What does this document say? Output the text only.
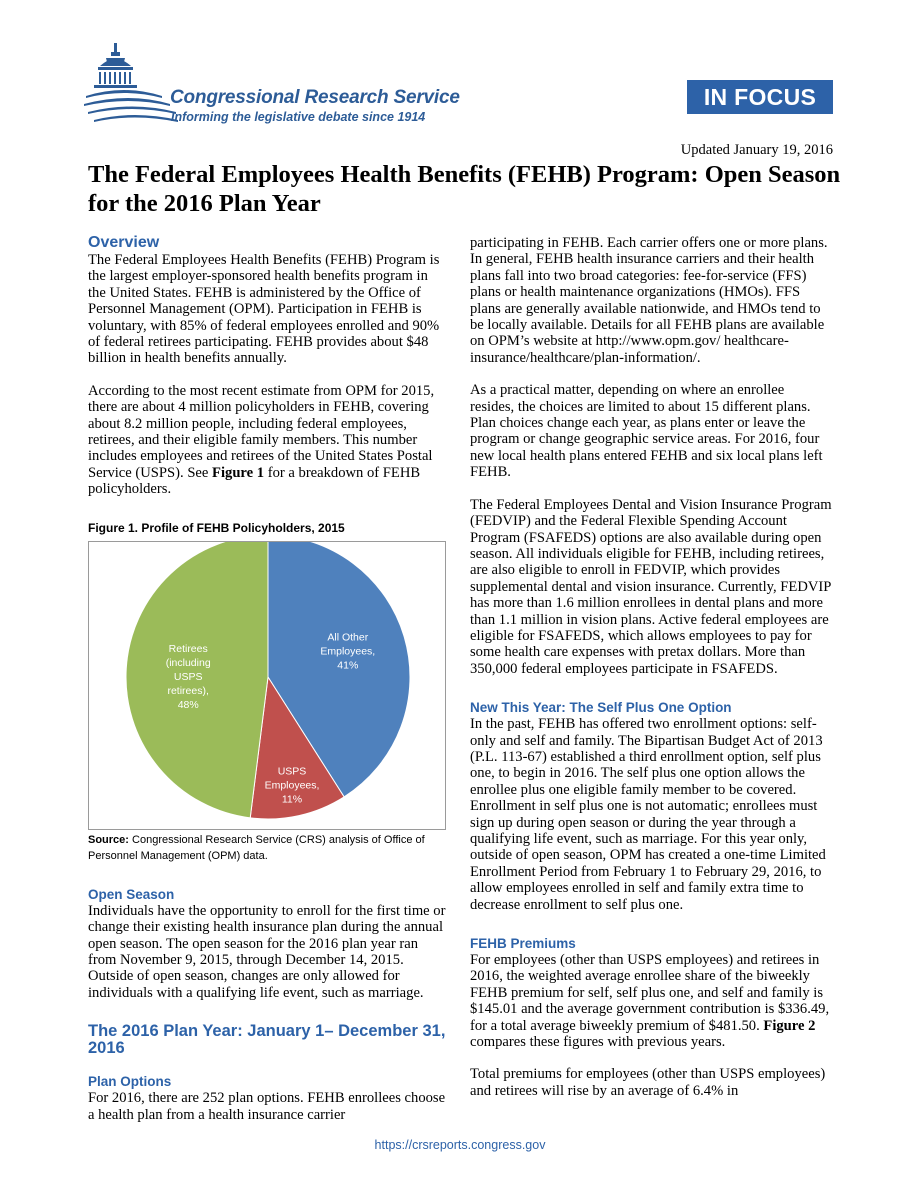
Congressional Research Service
Informing the legislative debate since 1914
IN FOCUS
Updated January 19, 2016
The Federal Employees Health Benefits (FEHB) Program: Open Season for the 2016 Plan Year
Overview

The Federal Employees Health Benefits (FEHB) Program is the largest employer-sponsored health benefits program in the United States. FEHB is administered by the Office of Personnel Management (OPM). Participation in FEHB is voluntary, with 85% of federal employees enrolled and 90% of federal retirees participating. FEHB provides about $48 billion in health benefits annually.

According to the most recent estimate from OPM for 2015, there are about 4 million policyholders in FEHB, covering about 8.2 million people, including federal employees, retirees, and their eligible family members. This number includes employees and retirees of the United States Postal Service (USPS). See Figure 1 for a breakdown of FEHB policyholders.

Figure 1. Profile of FEHB Policyholders, 2015
All Other Employees, 41%
USPS Employees, 11%
Retirees (including USPS retirees), 48%
Source: Congressional Research Service (CRS) analysis of Office of Personnel Management (OPM) data.
Open Season

Individuals have the opportunity to enroll for the first time or change their existing health insurance plan during the annual open season. The open season for the 2016 plan year ran from November 9, 2015, through December 14, 2015. Outside of open season, changes are only allowed for individuals with a qualifying life event, such as marriage.

The 2016 Plan Year: January 1– December 31, 2016
Plan Options

For 2016, there are 252 plan options. FEHB enrollees choose a health plan from a health insurance carrier

participating in FEHB. Each carrier offers one or more plans. In general, FEHB health insurance carriers and their health plans fall into two broad categories: fee-for-service (FFS) plans or health maintenance organizations (HMOs). FFS plans are generally available nationwide, and HMOs tend to be locally available. Details for all FEHB plans are available on OPM’s website at http://www.opm.gov/ healthcare-insurance/healthcare/plan-information/.

As a practical matter, depending on where an enrollee resides, the choices are limited to about 15 different plans. Plan choices change each year, as plans enter or leave the program or change geographic service areas. For 2016, four new local health plans entered FEHB and six local plans left FEHB.

The Federal Employees Dental and Vision Insurance Program (FEDVIP) and the Federal Flexible Spending Account Program (FSAFEDS) options are also available during open season. All individuals eligible for FEHB, including retirees, are also eligible to enroll in FEDVIP, which provides supplemental dental and vision insurance. Currently, FEDVIP has more than 1.6 million enrollees in dental plans and more than 1.1 million in vision plans. Active federal employees are eligible for FSAFEDS, which allows employees to pay for some health care expenses with pretax dollars. More than 350,000 federal employees participate in FSAFEDS.

New This Year: The Self Plus One Option

In the past, FEHB has offered two enrollment options: self-only and self and family. The Bipartisan Budget Act of 2013 (P.L. 113-67) established a third enrollment option, self plus one, to begin in 2016. The self plus one option allows the enrollee plus one eligible family member to be covered. Enrollment in self plus one is not automatic; enrollees must sign up during open season or during the year through a qualifying life event, such as marriage. For this year only, outside of open season, OPM has created a one-time Limited Enrollment Period from February 1 to February 29, 2016, to allow employees enrolled in self and family extra time to decrease enrollment to self plus one.

FEHB Premiums

For employees (other than USPS employees) and retirees in 2016, the weighted average enrollee share of the biweekly FEHB premium for self, self plus one, and self and family is $145.01 and the average government contribution is $336.49, for a total average biweekly premium of $481.50. Figure 2 compares these figures with previous years.

Total premiums for employees (other than USPS employees) and retirees will rise by an average of 6.4% in

https://crsreports.congress.gov
